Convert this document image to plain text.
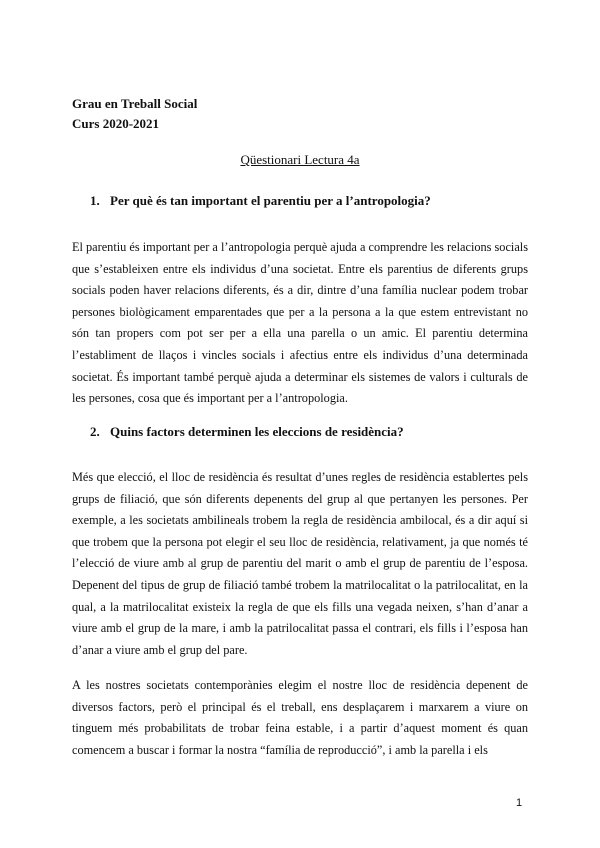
Grau en Treball Social
Curs 2020-2021
Qüestionari Lectura 4a
1. Per què és tan important el parentiu per a l’antropologia?
El parentiu és important per a l’antropologia perquè ajuda a comprendre les relacions socials que s’estableixen entre els individus d’una societat. Entre els parentius de diferents grups socials poden haver relacions diferents, és a dir, dintre d’una família nuclear podem trobar persones biològicament emparentades que per a la persona a la que estem entrevistant no són tan propers com pot ser per a ella una parella o un amic. El parentiu determina l’establiment de llaços i vincles socials i afectius entre els individus d’una determinada societat. És important també perquè ajuda a determinar els sistemes de valors i culturals de les persones, cosa que és important per a l’antropologia.
2. Quins factors determinen les eleccions de residència?
Més que elecció, el lloc de residència és resultat d’unes regles de residència establertes pels grups de filiació, que són diferents depenents del grup al que pertanyen les persones. Per exemple, a les societats ambilineals trobem la regla de residència ambilocal, és a dir aquí si que trobem que la persona pot elegir el seu lloc de residència, relativament, ja que només té l’elecció de viure amb al grup de parentiu del marit o amb el grup de parentiu de l’esposa. Depenent del tipus de grup de filiació també trobem la matrilocalitat o la patrilocalitat, en la qual, a la matrilocalitat existeix la regla de que els fills una vegada neixen, s’han d’anar a viure amb el grup de la mare, i amb la patrilocalitat passa el contrari, els fills i l’esposa han d’anar a viure amb el grup del pare.
A les nostres societats contemporànies elegim el nostre lloc de residència depenent de diversos factors, però el principal és el treball, ens desplaçarem i marxarem a viure on tinguem més probabilitats de trobar feina estable, i a partir d’aquest moment és quan comencem a buscar i formar la nostra “família de reproducció”, i amb la parella i els
1
